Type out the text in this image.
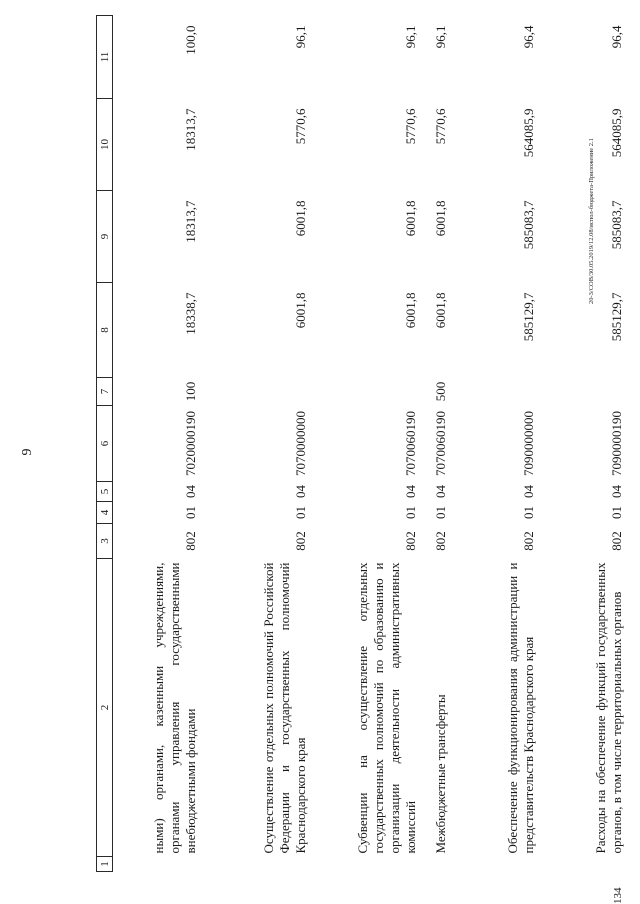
9
1	2	3	4	5	6	7	8	9	10	11
	ными) органами, казенными учреждениями, органами управления государственными внебюджетными фондами	802	01	04	7020000190	100	18338,7	18313,7	18313,7	100,0
	Осуществление отдельных полномочий Российской Федерации и государственных полномочий Краснодарского края	802	01	04	7070000000		6001,8	6001,8	5770,6	96,1
	Субвенции на осуществление отдельных государственных полномочий по образованию и организации деятельности административных комиссий	802	01	04	7070060190		6001,8	6001,8	5770,6	96,1
	Межбюджетные трансферты	802	01	04	7070060190	500	6001,8	6001,8	5770,6	96,1
	Обеспечение функционирования администрации и представительств Краснодарского края	802	01	04	7090000000		585129,7	585083,7	564085,9	96,4
	Расходы на обеспечение функций государственных органов, в том числе территориальных органов	802	01	04	7090000190		585129,7	585083,7	564085,9	96,4
20-3/СОВ/30.05.2019/12.08/испол-бюджета-Приложение 2.1
134
